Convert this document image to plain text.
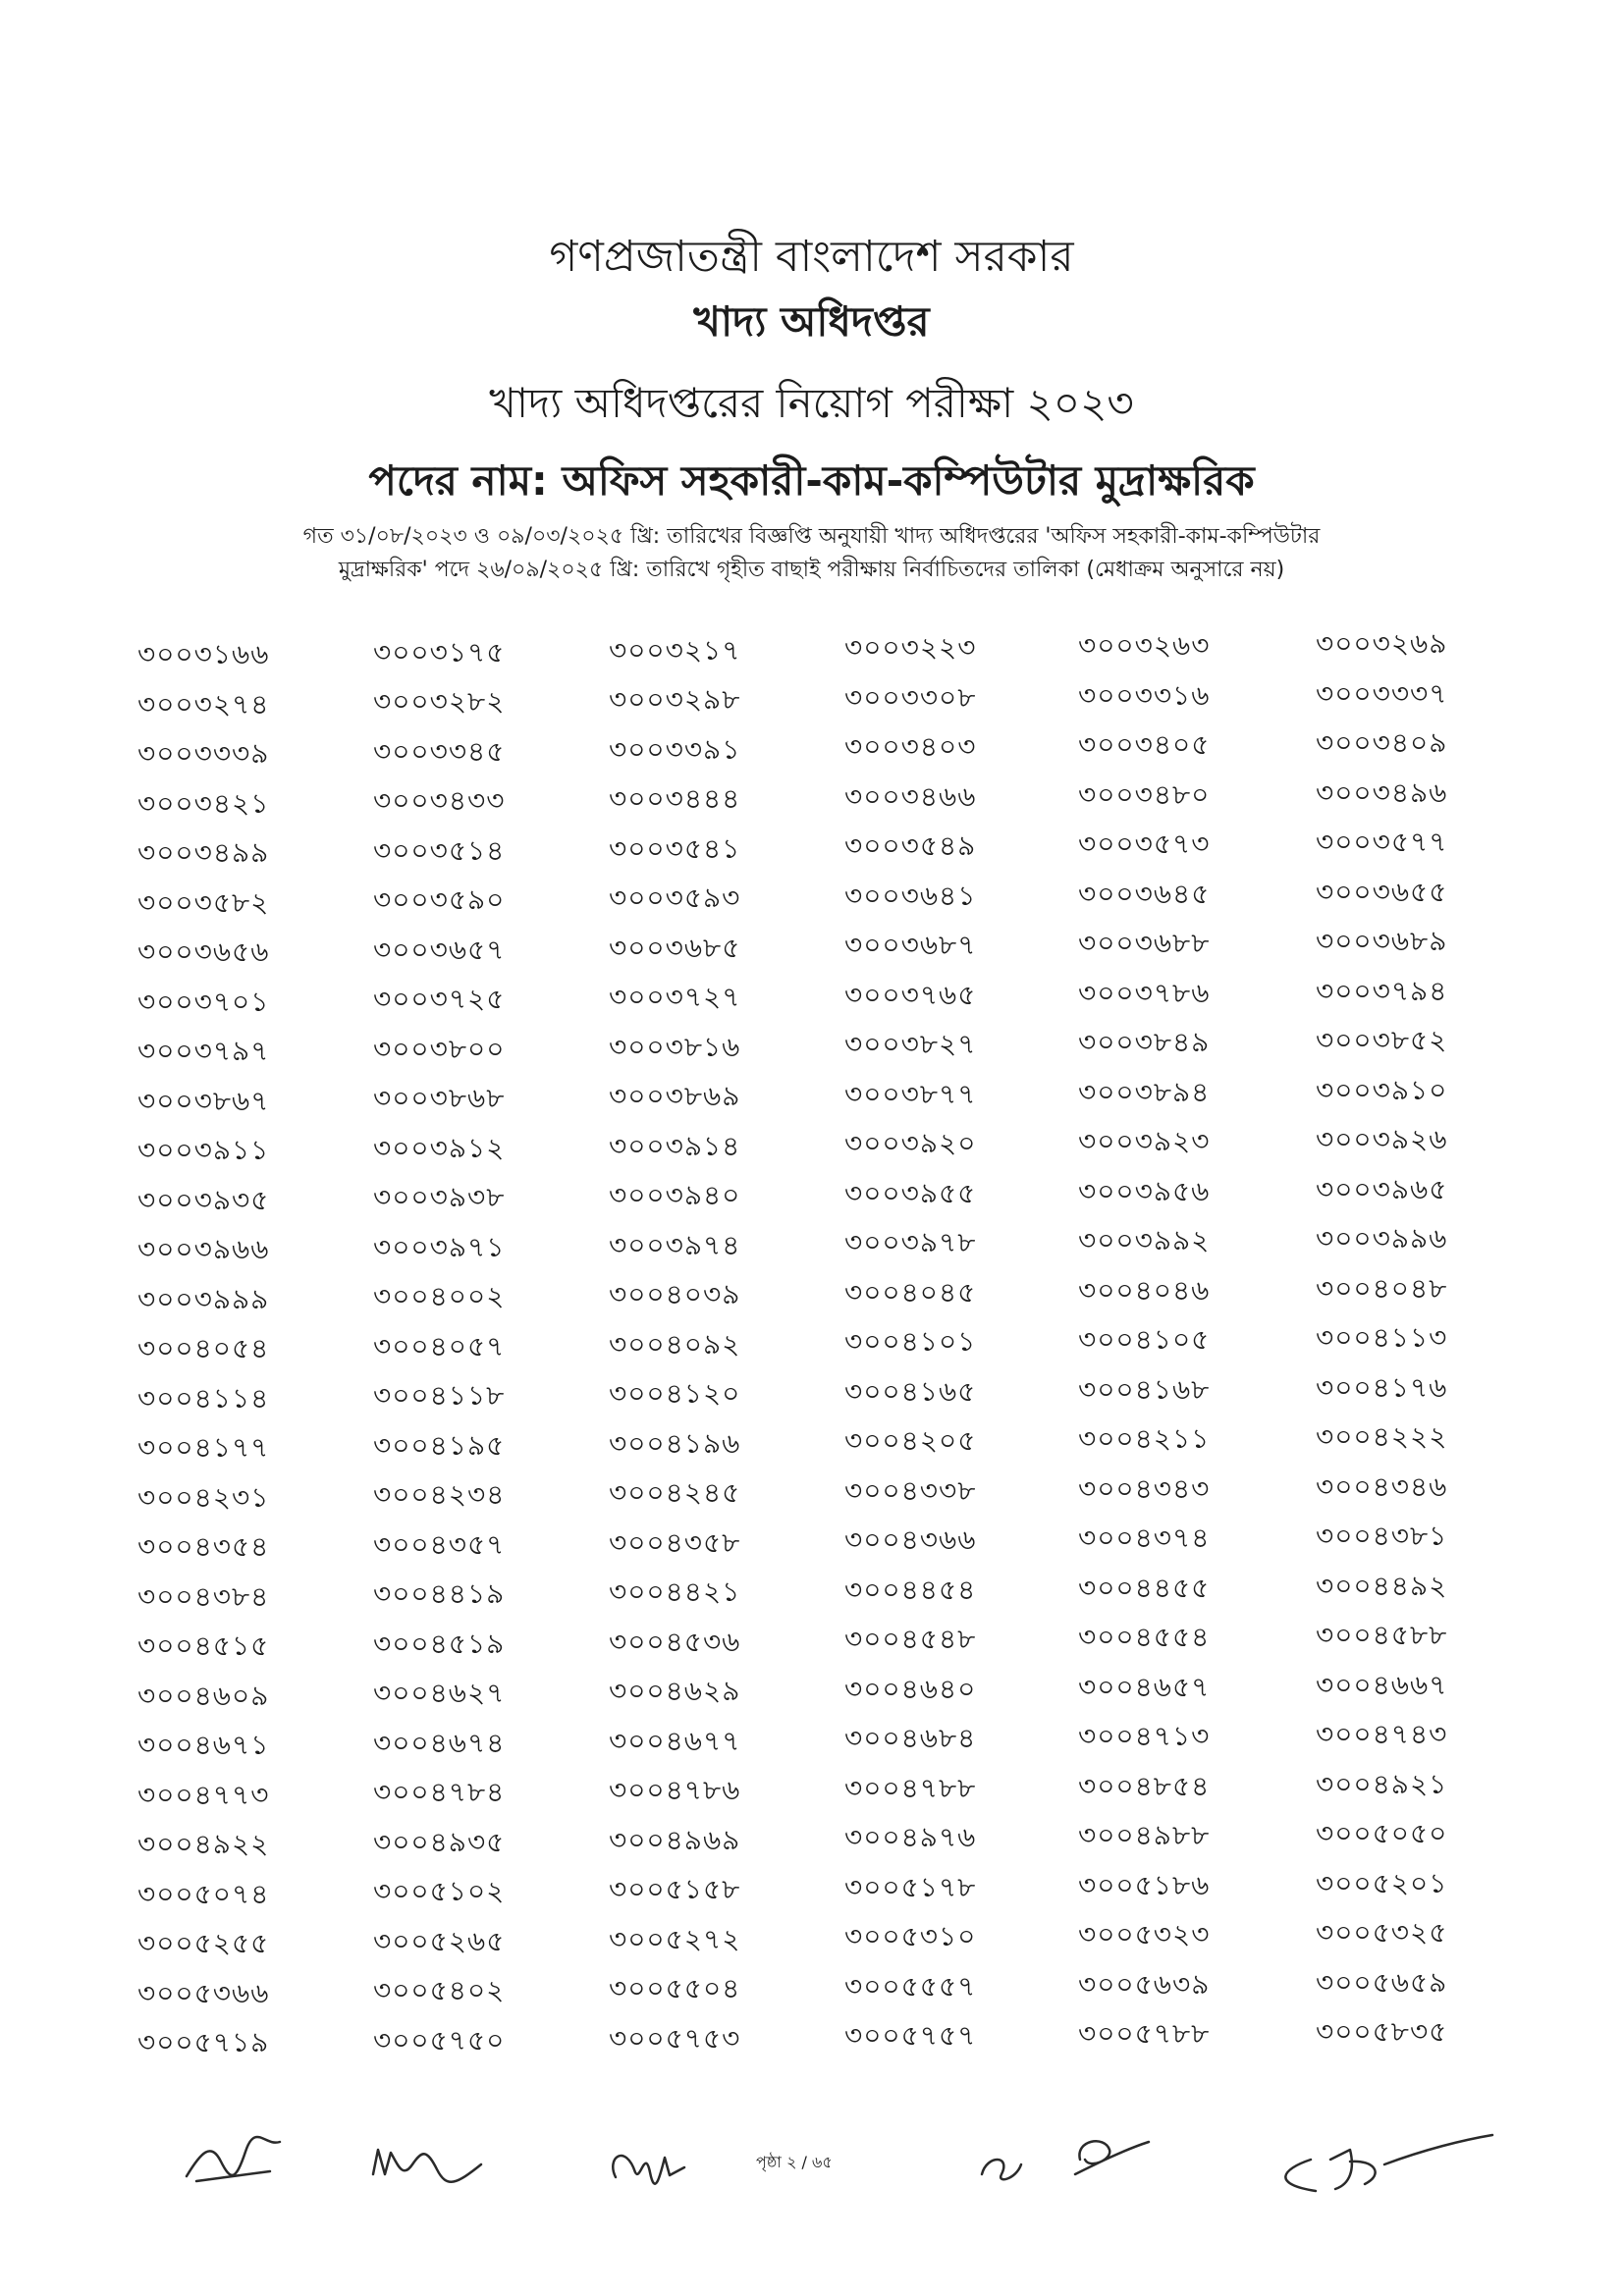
গণপ্রজাতন্ত্রী বাংলাদেশ সরকার
খাদ্য অধিদপ্তর
খাদ্য অধিদপ্তরের নিয়োগ পরীক্ষা ২০২৩
পদের নাম: অফিস সহকারী-কাম-কম্পিউটার মুদ্রাক্ষরিক
গত ৩১/০৮/২০২৩ ও ০৯/০৩/২০২৫ খ্রি: তারিখের বিজ্ঞপ্তি অনুযায়ী খাদ্য অধিদপ্তরের 'অফিস সহকারী-কাম-কম্পিউটার
মুদ্রাক্ষরিক' পদে ২৬/০৯/২০২৫ খ্রি: তারিখে গৃহীত বাছাই পরীক্ষায় নির্বাচিতদের তালিকা (মেধাক্রম অনুসারে নয়)
৩০০৩১৬৬	৩০০৩১৭৫	৩০০৩২১৭	৩০০৩২২৩	৩০০৩২৬৩	৩০০৩২৬৯
৩০০৩২৭৪	৩০০৩২৮২	৩০০৩২৯৮	৩০০৩৩০৮	৩০০৩৩১৬	৩০০৩৩৩৭
৩০০৩৩৩৯	৩০০৩৩৪৫	৩০০৩৩৯১	৩০০৩৪০৩	৩০০৩৪০৫	৩০০৩৪০৯
৩০০৩৪২১	৩০০৩৪৩৩	৩০০৩৪৪৪	৩০০৩৪৬৬	৩০০৩৪৮০	৩০০৩৪৯৬
৩০০৩৪৯৯	৩০০৩৫১৪	৩০০৩৫৪১	৩০০৩৫৪৯	৩০০৩৫৭৩	৩০০৩৫৭৭
৩০০৩৫৮২	৩০০৩৫৯০	৩০০৩৫৯৩	৩০০৩৬৪১	৩০০৩৬৪৫	৩০০৩৬৫৫
৩০০৩৬৫৬	৩০০৩৬৫৭	৩০০৩৬৮৫	৩০০৩৬৮৭	৩০০৩৬৮৮	৩০০৩৬৮৯
৩০০৩৭০১	৩০০৩৭২৫	৩০০৩৭২৭	৩০০৩৭৬৫	৩০০৩৭৮৬	৩০০৩৭৯৪
৩০০৩৭৯৭	৩০০৩৮০০	৩০০৩৮১৬	৩০০৩৮২৭	৩০০৩৮৪৯	৩০০৩৮৫২
৩০০৩৮৬৭	৩০০৩৮৬৮	৩০০৩৮৬৯	৩০০৩৮৭৭	৩০০৩৮৯৪	৩০০৩৯১০
৩০০৩৯১১	৩০০৩৯১২	৩০০৩৯১৪	৩০০৩৯২০	৩০০৩৯২৩	৩০০৩৯২৬
৩০০৩৯৩৫	৩০০৩৯৩৮	৩০০৩৯৪০	৩০০৩৯৫৫	৩০০৩৯৫৬	৩০০৩৯৬৫
৩০০৩৯৬৬	৩০০৩৯৭১	৩০০৩৯৭৪	৩০০৩৯৭৮	৩০০৩৯৯২	৩০০৩৯৯৬
৩০০৩৯৯৯	৩০০৪০০২	৩০০৪০৩৯	৩০০৪০৪৫	৩০০৪০৪৬	৩০০৪০৪৮
৩০০৪০৫৪	৩০০৪০৫৭	৩০০৪০৯২	৩০০৪১০১	৩০০৪১০৫	৩০০৪১১৩
৩০০৪১১৪	৩০০৪১১৮	৩০০৪১২০	৩০০৪১৬৫	৩০০৪১৬৮	৩০০৪১৭৬
৩০০৪১৭৭	৩০০৪১৯৫	৩০০৪১৯৬	৩০০৪২০৫	৩০০৪২১১	৩০০৪২২২
৩০০৪২৩১	৩০০৪২৩৪	৩০০৪২৪৫	৩০০৪৩৩৮	৩০০৪৩৪৩	৩০০৪৩৪৬
৩০০৪৩৫৪	৩০০৪৩৫৭	৩০০৪৩৫৮	৩০০৪৩৬৬	৩০০৪৩৭৪	৩০০৪৩৮১
৩০০৪৩৮৪	৩০০৪৪১৯	৩০০৪৪২১	৩০০৪৪৫৪	৩০০৪৪৫৫	৩০০৪৪৯২
৩০০৪৫১৫	৩০০৪৫১৯	৩০০৪৫৩৬	৩০০৪৫৪৮	৩০০৪৫৫৪	৩০০৪৫৮৮
৩০০৪৬০৯	৩০০৪৬২৭	৩০০৪৬২৯	৩০০৪৬৪০	৩০০৪৬৫৭	৩০০৪৬৬৭
৩০০৪৬৭১	৩০০৪৬৭৪	৩০০৪৬৭৭	৩০০৪৬৮৪	৩০০৪৭১৩	৩০০৪৭৪৩
৩০০৪৭৭৩	৩০০৪৭৮৪	৩০০৪৭৮৬	৩০০৪৭৮৮	৩০০৪৮৫৪	৩০০৪৯২১
৩০০৪৯২২	৩০০৪৯৩৫	৩০০৪৯৬৯	৩০০৪৯৭৬	৩০০৪৯৮৮	৩০০৫০৫০
৩০০৫০৭৪	৩০০৫১০২	৩০০৫১৫৮	৩০০৫১৭৮	৩০০৫১৮৬	৩০০৫২০১
৩০০৫২৫৫	৩০০৫২৬৫	৩০০৫২৭২	৩০০৫৩১০	৩০০৫৩২৩	৩০০৫৩২৫
৩০০৫৩৬৬	৩০০৫৪০২	৩০০৫৫০৪	৩০০৫৫৫৭	৩০০৫৬৩৯	৩০০৫৬৫৯
৩০০৫৭১৯	৩০০৫৭৫০	৩০০৫৭৫৩	৩০০৫৭৫৭	৩০০৫৭৮৮	৩০০৫৮৩৫
পৃষ্ঠা ২ / ৬৫
